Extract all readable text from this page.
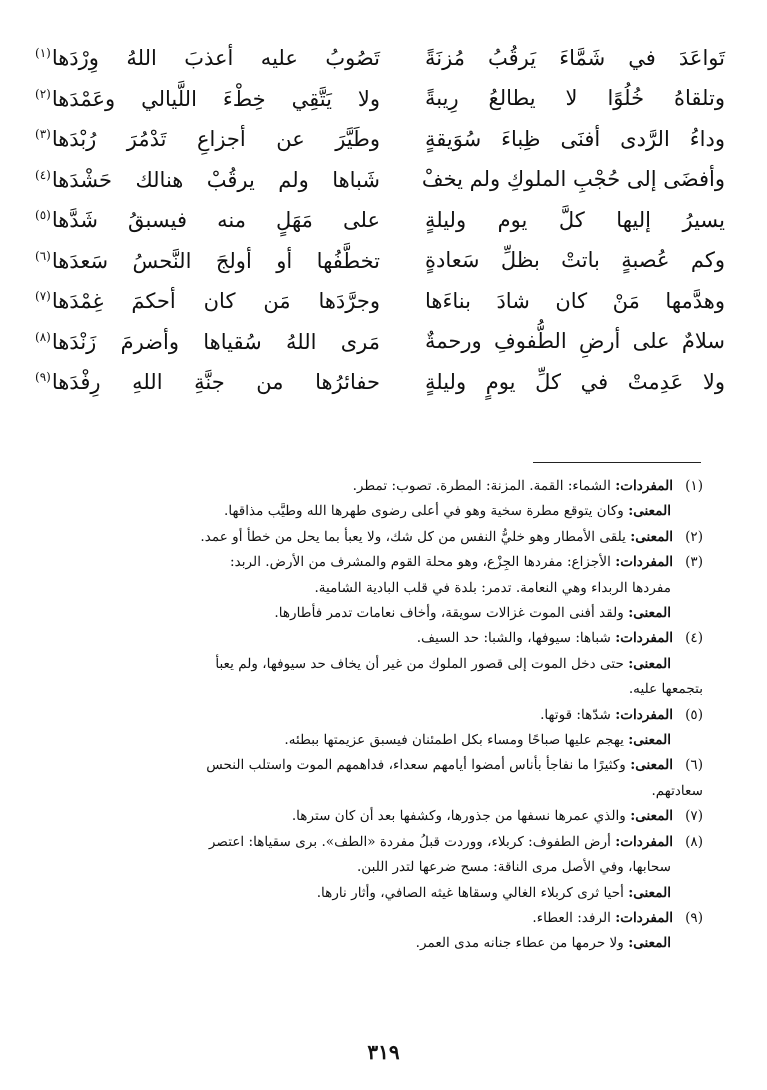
تَواعَدَ في شَمَّاءَ يَرقُبُ مُزنَةً
تَصُوبُ عليه أعذبَ اللهُ وِرْدَها$^{(١)}$
وتلقاهُ خُلُوًا لا يطالعُ رِيبةً
ولا يَتَّقِي خِطْءَ اللَّيالي وعَمْدَها$^{(٢)}$
وداءُ الرَّدى أفنَى ظِباءَ سُوَيقةٍ
وطَيَّرَ عن أجزاعِ تَدْمُرَ رُبْدَها$^{(٣)}$
وأفضَى إلى حُجْبِ الملوكِ ولم يخفْ
شَباها ولم يرقُبْ هنالك حَشْدَها$^{(٤)}$
يسيرُ إليها كلَّ يوم وليلةٍ
على مَهَلٍ منه فيسبقُ شَدَّها$^{(٥)}$
وكم عُصبةٍ باتتْ بظلِّ سَعادةٍ
تخطَّفُها أو أولجَ النَّحسُ سَعدَها$^{(٦)}$
وهدَّمها مَنْ كان شادَ بناءَها
وجرَّدَها مَن كان أحكمَ غِمْدَها$^{(٧)}$
سلامٌ على أرضِ الطُّفوفِ ورحمةٌ
مَرى اللهُ سُقياها وأضرمَ زَنْدَها$^{(٨)}$
ولا عَدِمتْ في كلِّ يومٍ وليلةٍ
حفائرُها من جنَّةِ اللهِ رِفْدَها$^{(٩)}$
(١)المفردات: الشماء: القمة. المزنة: المطرة. تصوب: تمطر.
المعنى: وكان يتوقع مطرة سخية وهو في أعلى رضوى طهرها الله وطيَّب مذاقها.
(٢)المعنى: يلقى الأمطار وهو خليُّ النفس من كل شك، ولا يعبأ بما يحل من خطأ أو عمد.
(٣)المفردات: الأجزاع: مفردها الجِزْع، وهو محلة القوم والمشرف من الأرض. الربد:
مفردها الربداء وهي النعامة. تدمر: بلدة في قلب البادية الشامية.
المعنى: ولقد أفنى الموت غزالات سويقة، وأخاف نعامات تدمر فأطارها.
(٤)المفردات: شباها: سيوفها، والشبا: حد السيف.
المعنى: حتى دخل الموت إلى قصور الملوك من غير أن يخاف حد سيوفها، ولم يعبأ
بتجمعها عليه.
(٥)المفردات: شدّها: قوتها.
المعنى: يهجم عليها صباحًا ومساء بكل اطمئنان فيسبق عزيمتها ببطئه.
(٦)المعنى: وكثيرًا ما نفاجأ بأناس أمضوا أيامهم سعداء، فداهمهم الموت واستلب النحس
سعادتهم.
(٧)المعنى: والذي عمرها نسفها من جذورها، وكشفها بعد أن كان سترها.
(٨)المفردات: أرض الطفوف: كربلاء، ووردت قبلُ مفردة «الطف». برى سقياها: اعتصر
سحابها، وفي الأصل مرى الناقة: مسح ضرعها لتدر اللبن.
المعنى: أحيا ثرى كربلاء الغالي وسقاها غيثه الصافي، وأثار نارها.
(٩)المفردات: الرفد: العطاء.
المعنى: ولا حرمها من عطاء جنانه مدى العمر.
٣١٩
